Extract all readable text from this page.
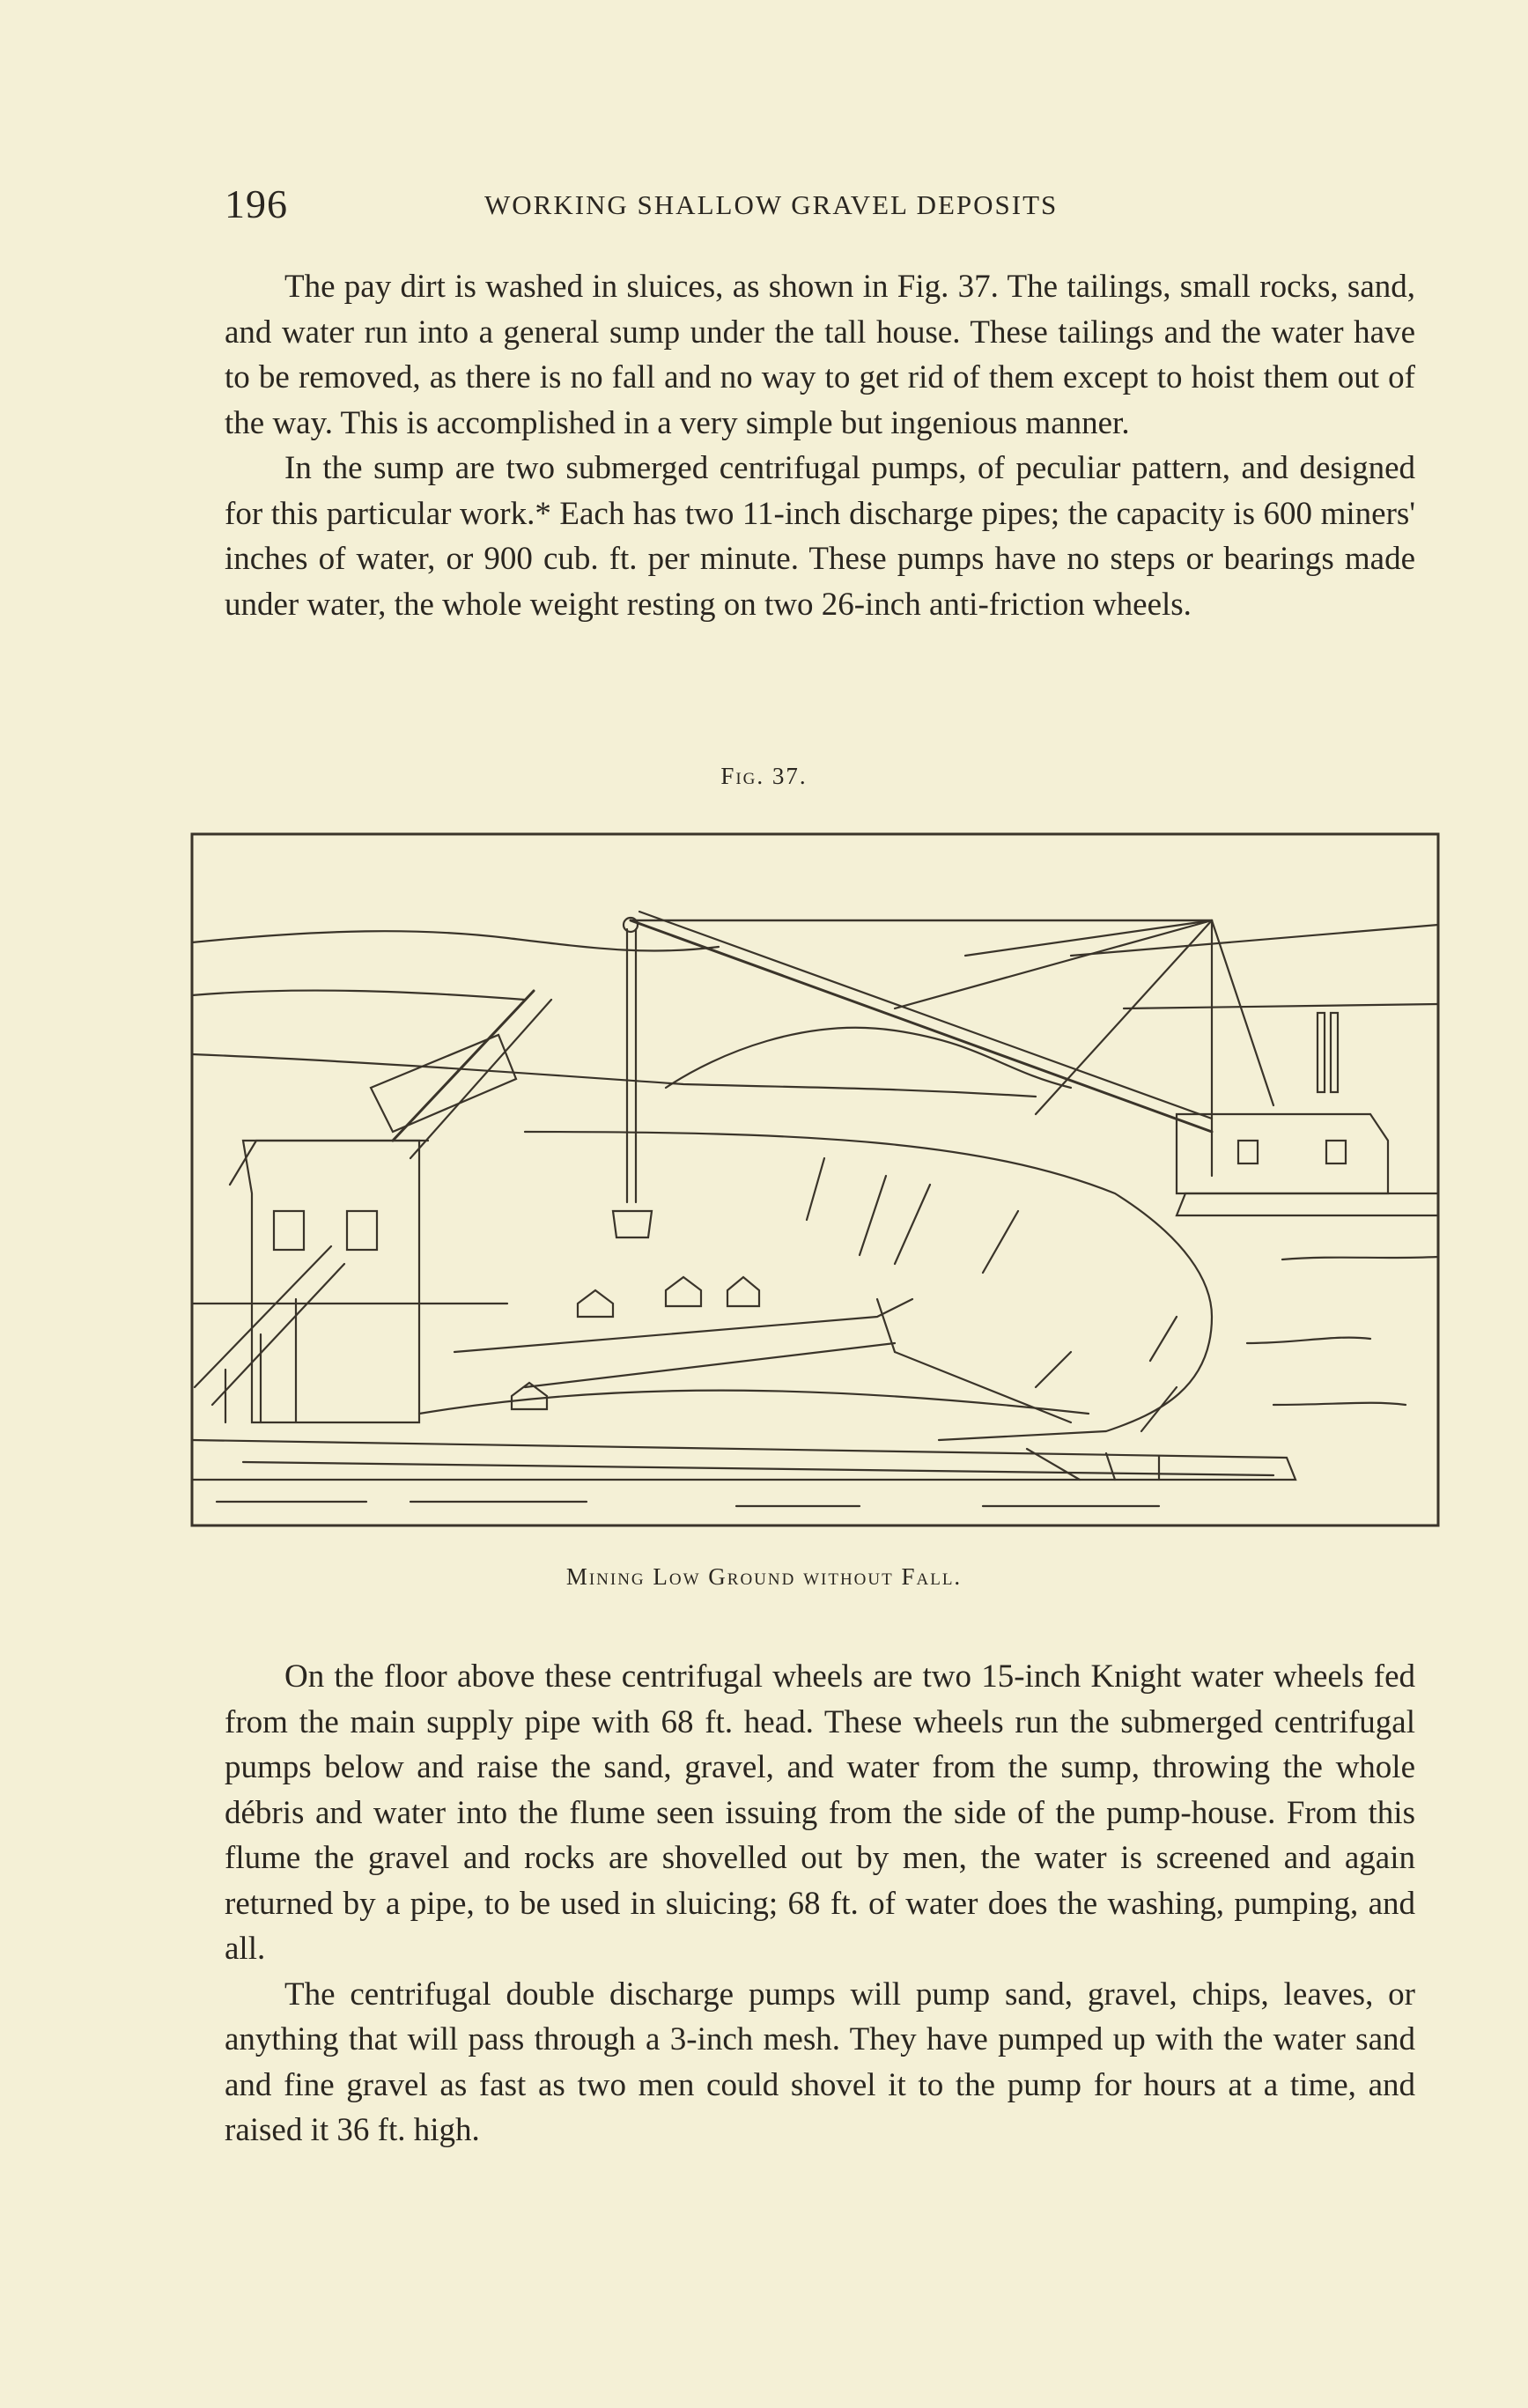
196	WORKING SHALLOW GRAVEL DEPOSITS

The pay dirt is washed in sluices, as shown in Fig. 37. The tailings, small rocks, sand, and water run into a general sump under the tall house. These tailings and the water have to be removed, as there is no fall and no way to get rid of them except to hoist them out of the way. This is accomplished in a very simple but ingenious manner.

In the sump are two submerged centrifugal pumps, of peculiar pattern, and designed for this particular work.* Each has two 11-inch discharge pipes; the capacity is 600 miners' inches of water, or 900 cub. ft. per minute. These pumps have no steps or bearings made under water, the whole weight resting on two 26-inch anti-friction wheels.

Fig. 37.
Mining Low Ground without Fall.

On the floor above these centrifugal wheels are two 15-inch Knight water wheels fed from the main supply pipe with 68 ft. head. These wheels run the submerged centrifugal pumps below and raise the sand, gravel, and water from the sump, throwing the whole débris and water into the flume seen issuing from the side of the pump-house. From this flume the gravel and rocks are shovelled out by men, the water is screened and again returned by a pipe, to be used in sluicing; 68 ft. of water does the washing, pumping, and all.

The centrifugal double discharge pumps will pump sand, gravel, chips, leaves, or anything that will pass through a 3-inch mesh. They have pumped up with the water sand and fine gravel as fast as two men could shovel it to the pump for hours at a time, and raised it 36 ft. high.
